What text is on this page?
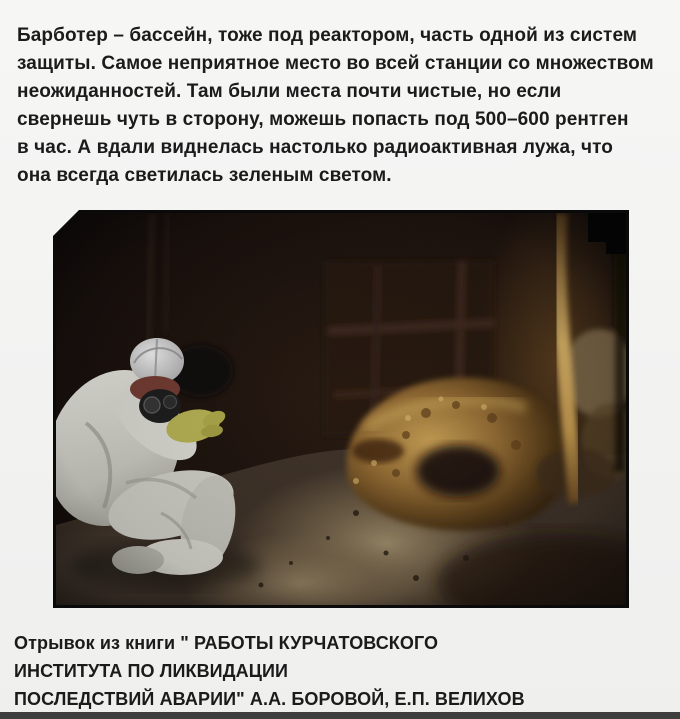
Барботер – бассейн, тоже под реактором, часть одной из систем
защиты. Самое неприятное место во всей станции со множеством
неожиданностей. Там были места почти чистые, но если
свернешь чуть в сторону, можешь попасть под 500–600 рентген
в час. А вдали виднелась настолько радиоактивная лужа, что
она всегда светилась зеленым светом.
Отрывок из книги " РАБОТЫ КУРЧАТОВСКОГО
ИНСТИТУТА ПО ЛИКВИДАЦИИ
ПОСЛЕДСТВИЙ АВАРИИ" А.А. БОРОВОЙ, Е.П. ВЕЛИХОВ
